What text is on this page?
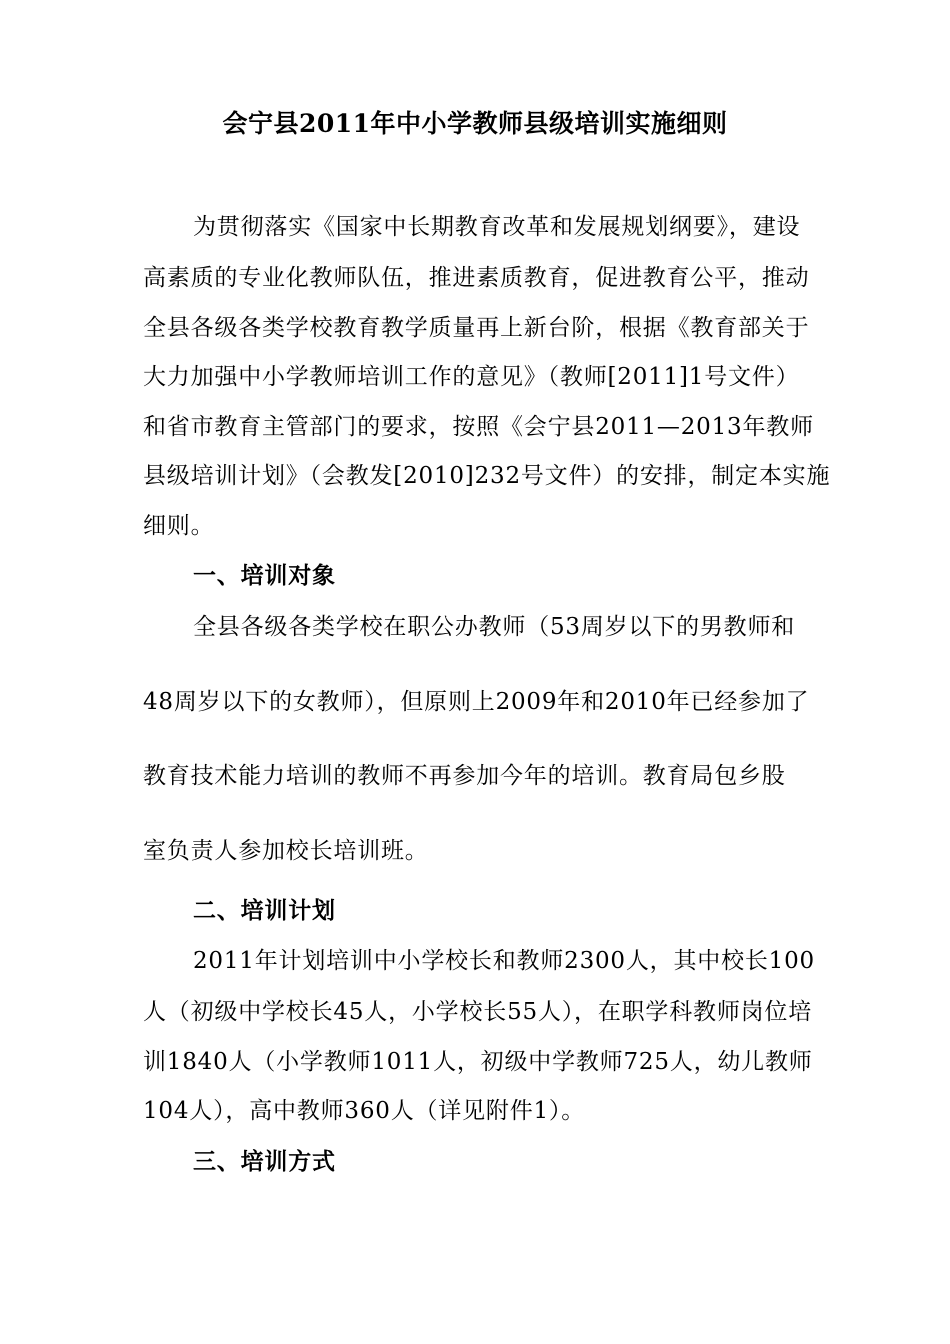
会宁县2011年中小学教师县级培训实施细则

为贯彻落实《国家中长期教育改革和发展规划纲要》，建设

高素质的专业化教师队伍，推进素质教育，促进教育公平，推动

全县各级各类学校教育教学质量再上新台阶，根据《教育部关于

大力加强中小学教师培训工作的意见》（教师[2011]1号文件）

和省市教育主管部门的要求，按照《会宁县2011—2013年教师

县级培训计划》（会教发[2010]232号文件）的安排，制定本实施

细则。

一、培训对象

全县各级各类学校在职公办教师（53周岁以下的男教师和

48周岁以下的女教师），但原则上2009年和2010年已经参加了

教育技术能力培训的教师不再参加今年的培训。教育局包乡股

室负责人参加校长培训班。

二、培训计划

2011年计划培训中小学校长和教师2300人，其中校长100

人（初级中学校长45人，小学校长55人），在职学科教师岗位培

训1840人（小学教师1011人，初级中学教师725人，幼儿教师

104人），高中教师360人（详见附件1）。

三、培训方式
